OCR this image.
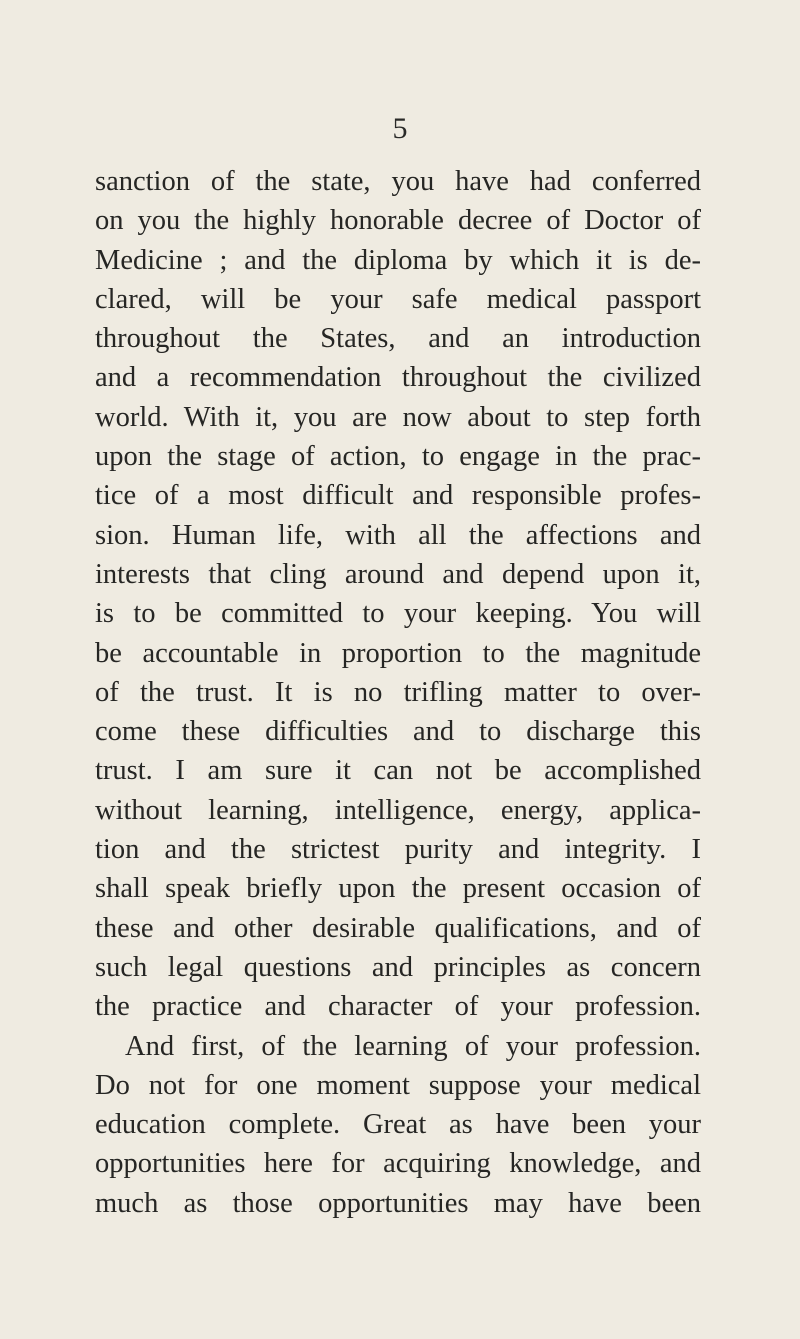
5
sanction of the state, you have had conferred
on you the highly honorable decree of Doctor of
Medicine ; and the diploma by which it is de-
clared, will be your safe medical passport
throughout the States, and an introduction
and a recommendation throughout the civilized
world. With it, you are now about to step forth
upon the stage of action, to engage in the prac-
tice of a most difficult and responsible profes-
sion. Human life, with all the affections and
interests that cling around and depend upon it,
is to be committed to your keeping. You will
be accountable in proportion to the magnitude
of the trust. It is no trifling matter to over-
come these difficulties and to discharge this
trust. I am sure it can not be accomplished
without learning, intelligence, energy, applica-
tion and the strictest purity and integrity. I
shall speak briefly upon the present occasion of
these and other desirable qualifications, and of
such legal questions and principles as concern
the practice and character of your profession.
And first, of the learning of your profession.
Do not for one moment suppose your medical
education complete. Great as have been your
opportunities here for acquiring knowledge, and
much as those opportunities may have been
